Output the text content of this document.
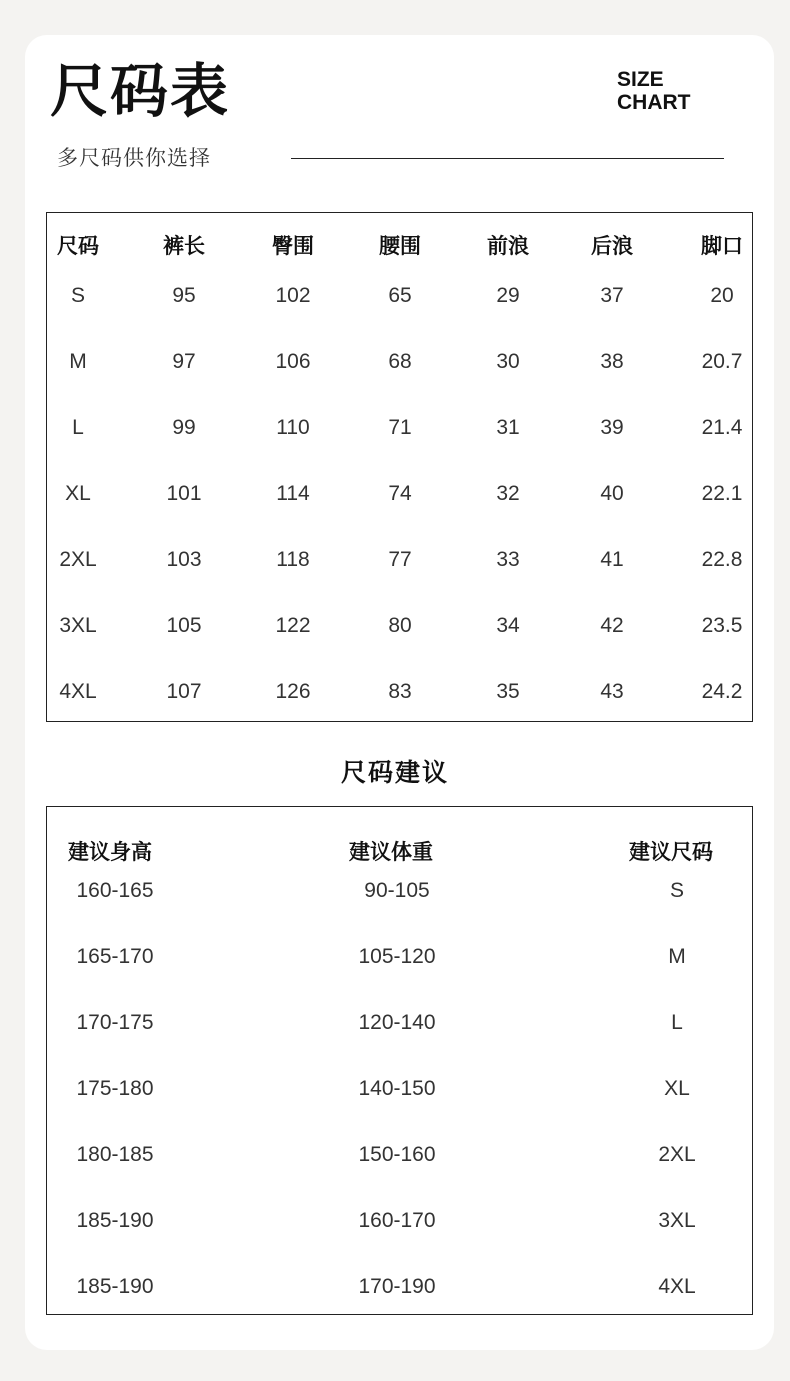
尺码表
多尺码供你选择
SIZE
CHART
尺码	裤长	臀围	腰围	前浪	后浪	脚口
S	95	102	65	29	37	20
M	97	106	68	30	38	20.7
L	99	110	71	31	39	21.4
XL	101	114	74	32	40	22.1
2XL	103	118	77	33	41	22.8
3XL	105	122	80	34	42	23.5
4XL	107	126	83	35	43	24.2
尺码建议
建议身高	建议体重	建议尺码
160-165	90-105	S
165-170	105-120	M
170-175	120-140	L
175-180	140-150	XL
180-185	150-160	2XL
185-190	160-170	3XL
185-190	170-190	4XL
